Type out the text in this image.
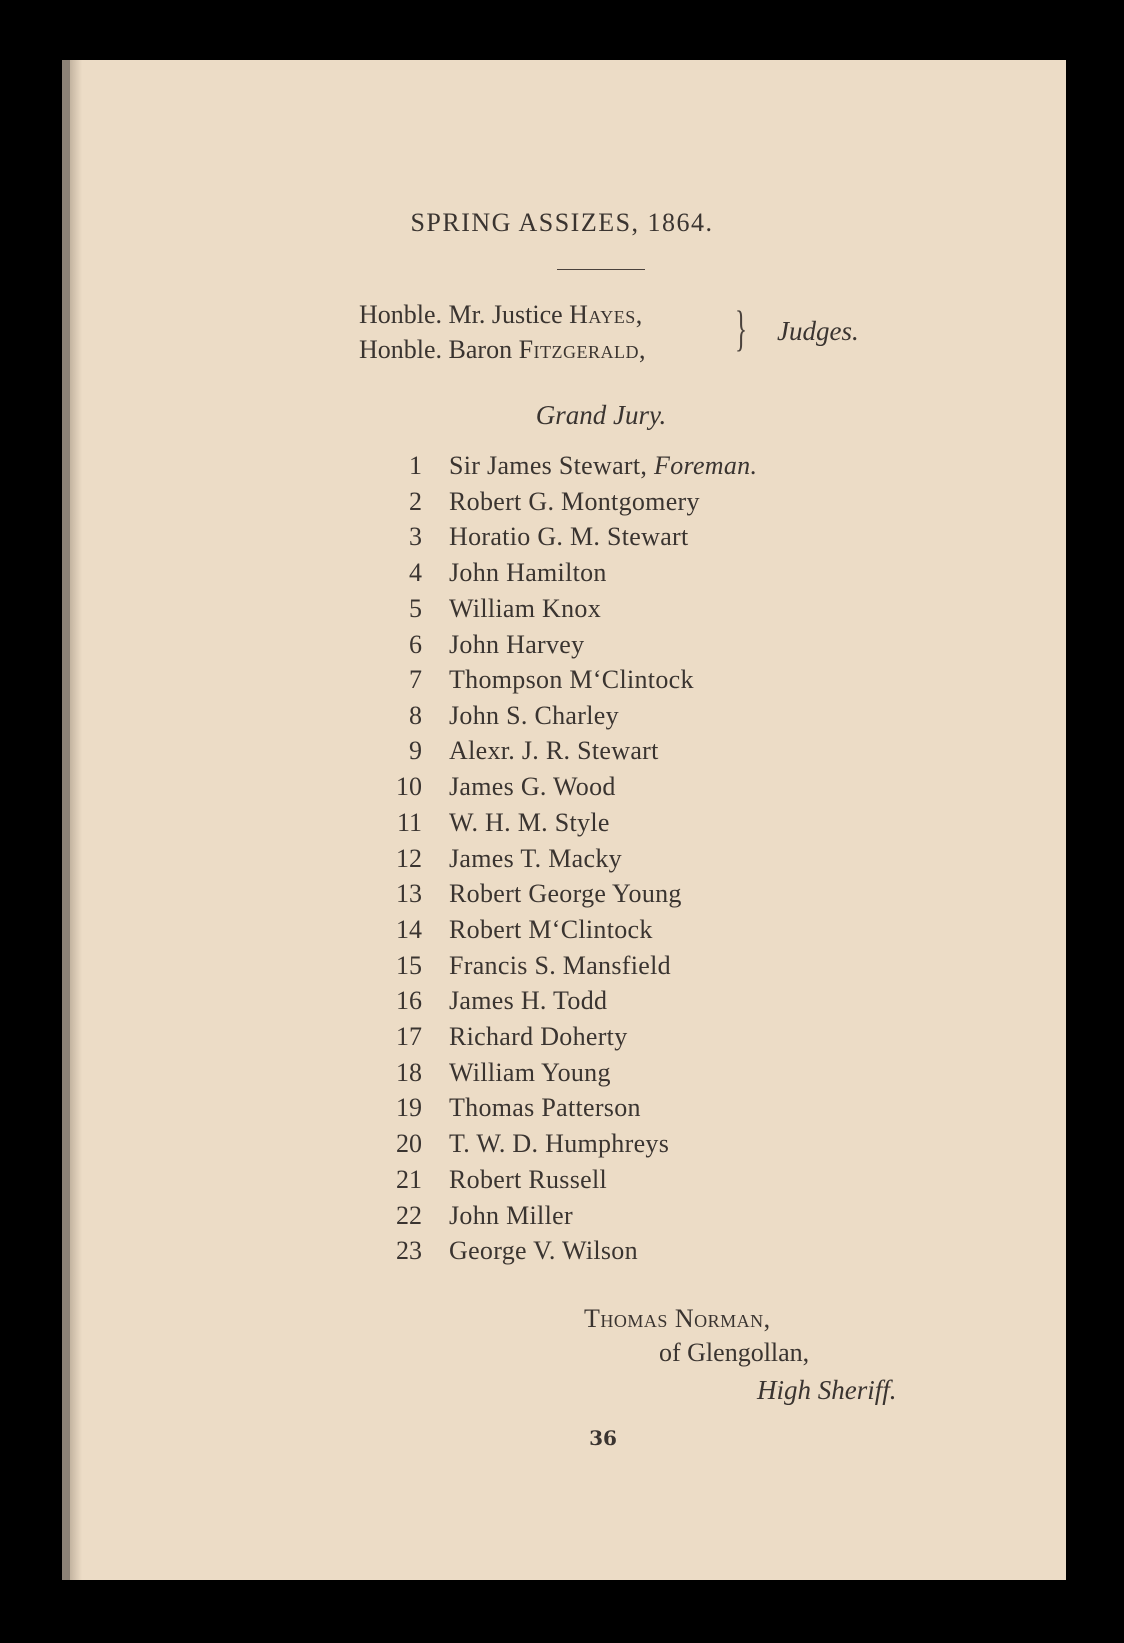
SPRING ASSIZES, 1864.
Honble. Mr. Justice Hayes,
Honble. Baron Fitzgerald, } Judges.
Grand Jury.
1 Sir James Stewart, Foreman.
2 Robert G. Montgomery
3 Horatio G. M. Stewart
4 John Hamilton
5 William Knox
6 John Harvey
7 Thompson M‘Clintock
8 John S. Charley
9 Alexr. J. R. Stewart
10 James G. Wood
11 W. H. M. Style
12 James T. Macky
13 Robert George Young
14 Robert M‘Clintock
15 Francis S. Mansfield
16 James H. Todd
17 Richard Doherty
18 William Young
19 Thomas Patterson
20 T. W. D. Humphreys
21 Robert Russell
22 John Miller
23 George V. Wilson
Thomas Norman,
of Glengollan,
High Sheriff.
36
